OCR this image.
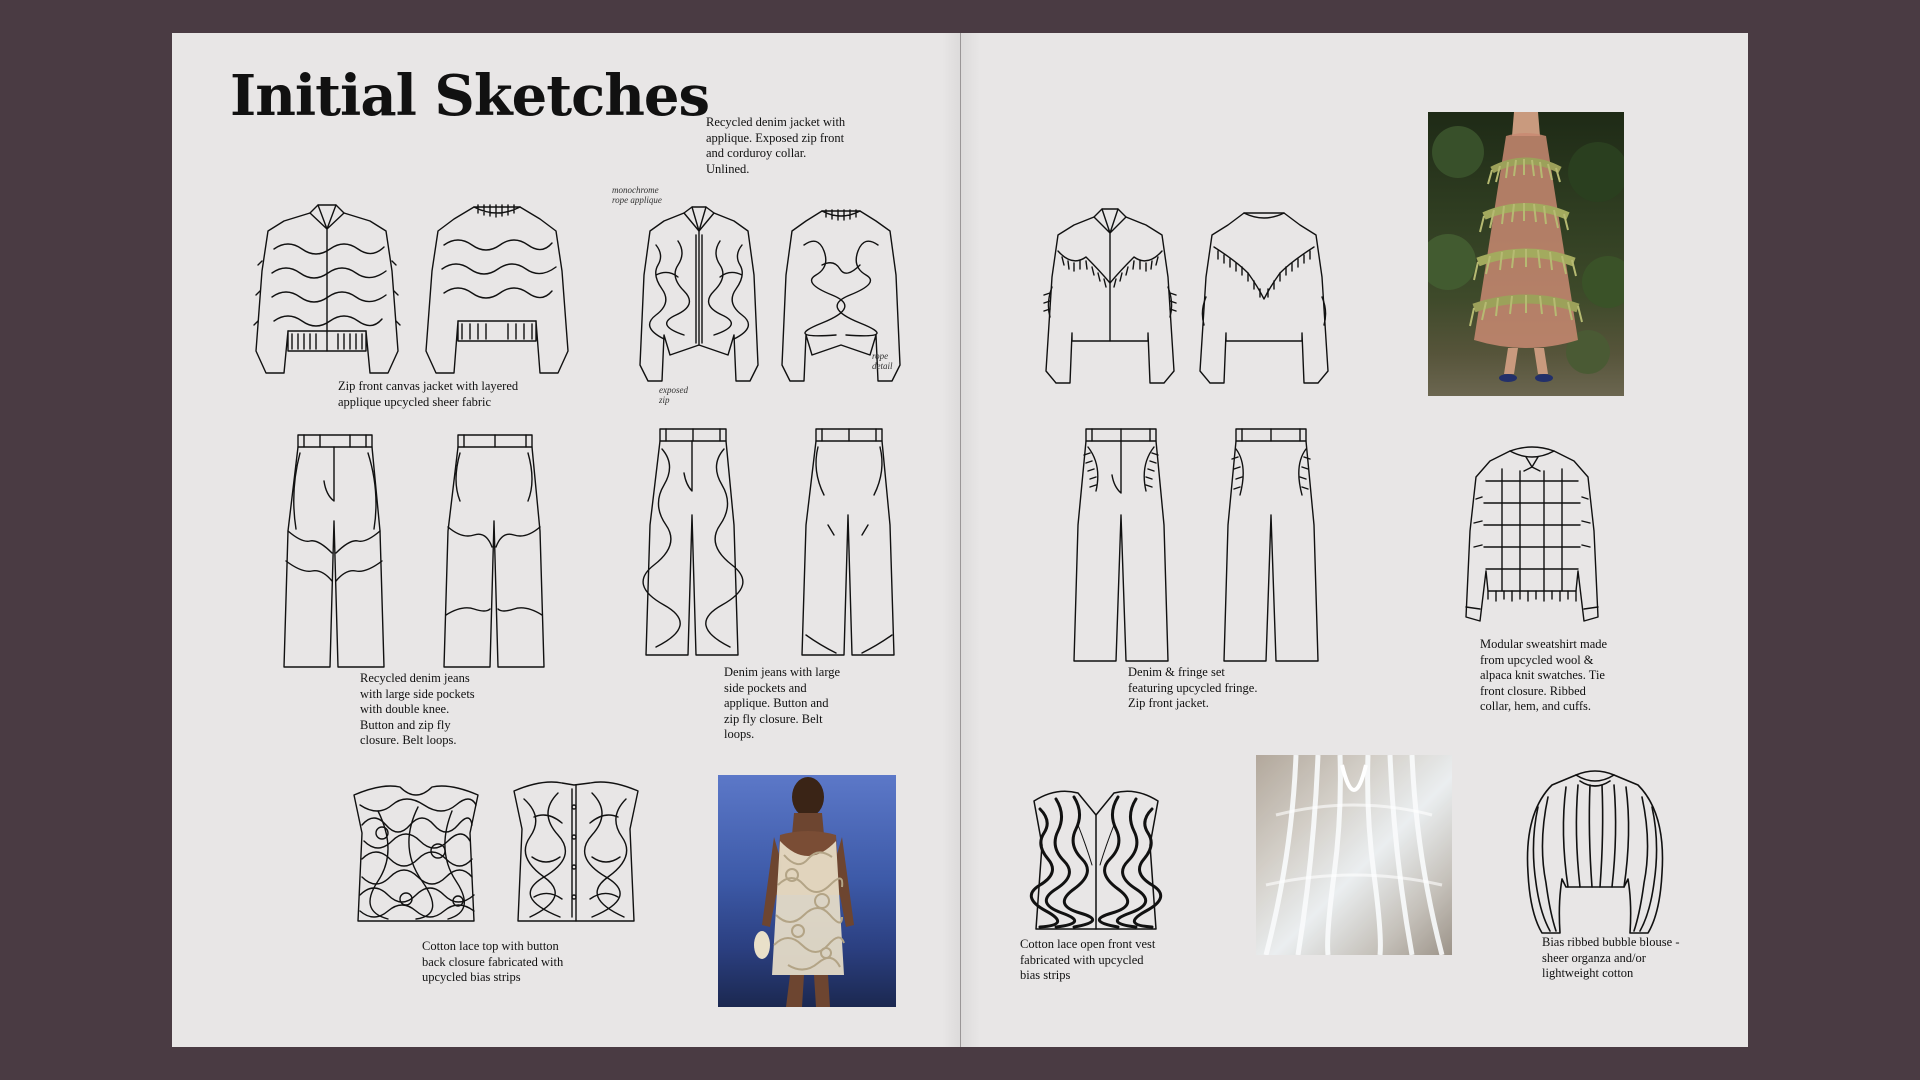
Initial Sketches
Zip front canvas jacket with layered applique upcycled sheer fabric
Recycled denim jacket with applique. Exposed zip front and corduroy collar. Unlined.
monochrome rope applique
exposed zip
rope detail
Recycled denim jeans with large side pockets with double knee. Button and zip fly closure. Belt loops.
Denim jeans with large side pockets and applique. Button and zip fly closure. Belt loops.
Cotton lace top with button back closure fabricated with upcycled bias strips
Denim & fringe set featuring upcycled fringe. Zip front jacket.
Modular sweatshirt made from upcycled wool & alpaca knit swatches. Tie front closure. Ribbed collar, hem, and cuffs.
Cotton lace open front vest fabricated with upcycled bias strips
Bias ribbed bubble blouse - sheer organza and/or lightweight cotton
